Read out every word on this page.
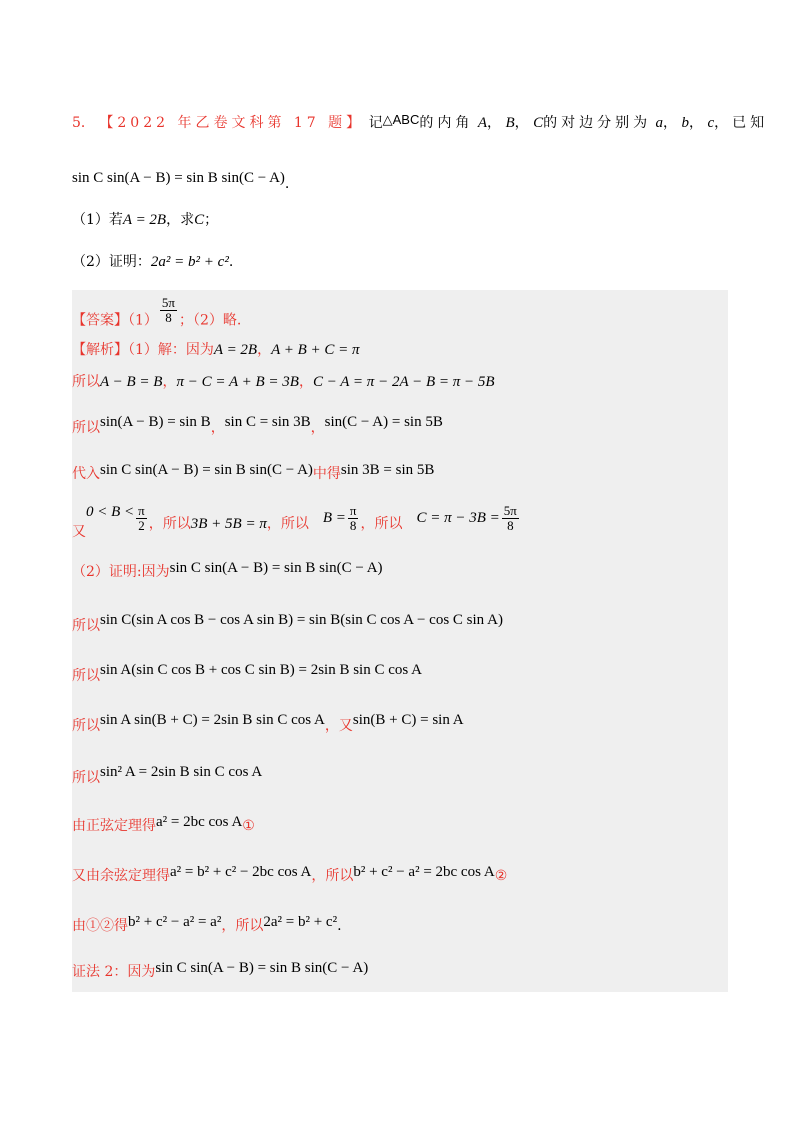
5． 【2022 年乙卷文科第 17 题】 记△ABC的内角 A， B， C的对边分别为 a， b， c，已知
sin C sin(A − B) = sin B sin(C − A).
（1）若A = 2B，求C；
（2）证明：2a² = b² + c².
【答案】$(1) \frac{5\pi}{8}$ ；（2）略.
【解析】（1）解：因为A = 2B，A + B + C = π
所以A − B = B，π − C = A + B = 3B，C − A = π − 2A − B = π − 5B
所以sin(A − B) = sin B，sin C = sin 3B，sin(C − A) = sin 5B
代入sin C sin(A − B) = sin B sin(C − A)中得sin 3B = sin 5B
又$0 < B < \frac{\pi}{2}$ ，所以3B + 5B = π，所以 $B = \frac{\pi}{8}$ ，所以 $C = \pi - 3B = \frac{5\pi}{8}$
（2）证明:因为sin C sin(A − B) = sin B sin(C − A)
所以sin C(sin A cos B − cos A sin B) = sin B(sin C cos A − cos C sin A)
所以sin A(sin C cos B + cos C sin B) = 2sin B sin C cos A
所以sin A sin(B + C) = 2sin B sin C cos A，又sin(B + C) = sin A
所以sin² A = 2sin B sin C cos A
由正弦定理得a² = 2bc cos A①
又由余弦定理得a² = b² + c² − 2bc cos A，所以b² + c² − a² = 2bc cos A②
由①②得b² + c² − a² = a²，所以2a² = b² + c².
证法 2：因为sin C sin(A − B) = sin B sin(C − A)
